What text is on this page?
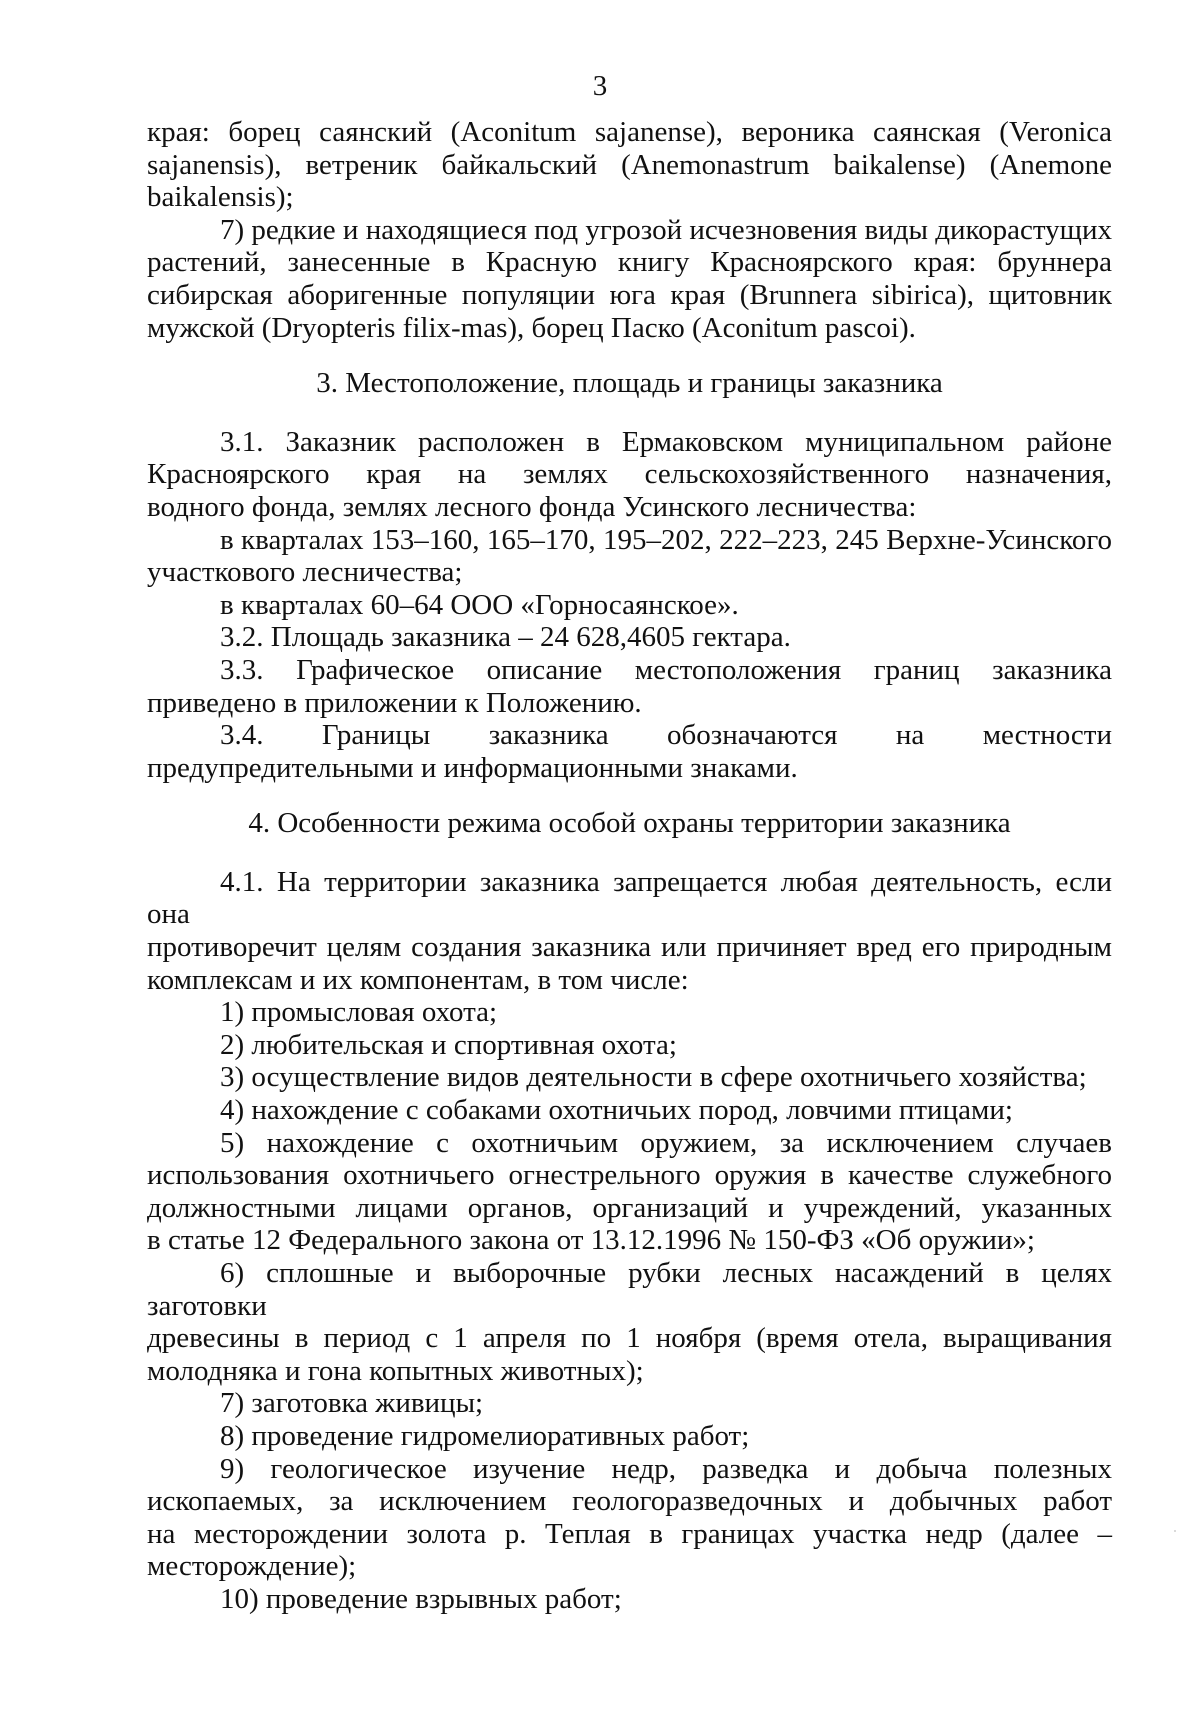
3

края: борец саянский (Aconitum sajanense), вероника саянская (Veronica

sajanensis), ветреник байкальский (Anemonastrum baikalense) (Anemone

baikalensis);

7) редкие и находящиеся под угрозой исчезновения виды дикорастущих

растений, занесенные в Красную книгу Красноярского края: бруннера

сибирская аборигенные популяции юга края (Brunnera sibirica), щитовник

мужской (Dryopteris filix-mas), борец Паско (Aconitum pascoi).

3. Местоположение, площадь и границы заказника

3.1. Заказник расположен в Ермаковском муниципальном районе

Красноярского края на землях сельскохозяйственного назначения,

водного фонда, землях лесного фонда Усинского лесничества:

в кварталах 153–160, 165–170, 195–202, 222–223, 245 Верхне-Усинского

участкового лесничества;

в кварталах 60–64 ООО «Горносаянское».

3.2. Площадь заказника – 24 628,4605 гектара.

3.3. Графическое описание местоположения границ заказника

приведено в приложении к Положению.

3.4. Границы заказника обозначаются на местности

предупредительными и информационными знаками.

4. Особенности режима особой охраны территории заказника

4.1. На территории заказника запрещается любая деятельность, если она

противоречит целям создания заказника или причиняет вред его природным

комплексам и их компонентам, в том числе:

1) промысловая охота;

2) любительская и спортивная охота;

3) осуществление видов деятельности в сфере охотничьего хозяйства;

4) нахождение с собаками охотничьих пород, ловчими птицами;

5) нахождение с охотничьим оружием, за исключением случаев

использования охотничьего огнестрельного оружия в качестве служебного

должностными лицами органов, организаций и учреждений, указанных

в статье 12 Федерального закона от 13.12.1996 № 150-ФЗ «Об оружии»;

6) сплошные и выборочные рубки лесных насаждений в целях заготовки

древесины в период с 1 апреля по 1 ноября (время отела, выращивания

молодняка и гона копытных животных);

7) заготовка живицы;

8) проведение гидромелиоративных работ;

9) геологическое изучение недр, разведка и добыча полезных

ископаемых, за исключением геологоразведочных и добычных работ

на месторождении золота р. Теплая в границах участка недр (далее –

месторождение);

10) проведение взрывных работ;
